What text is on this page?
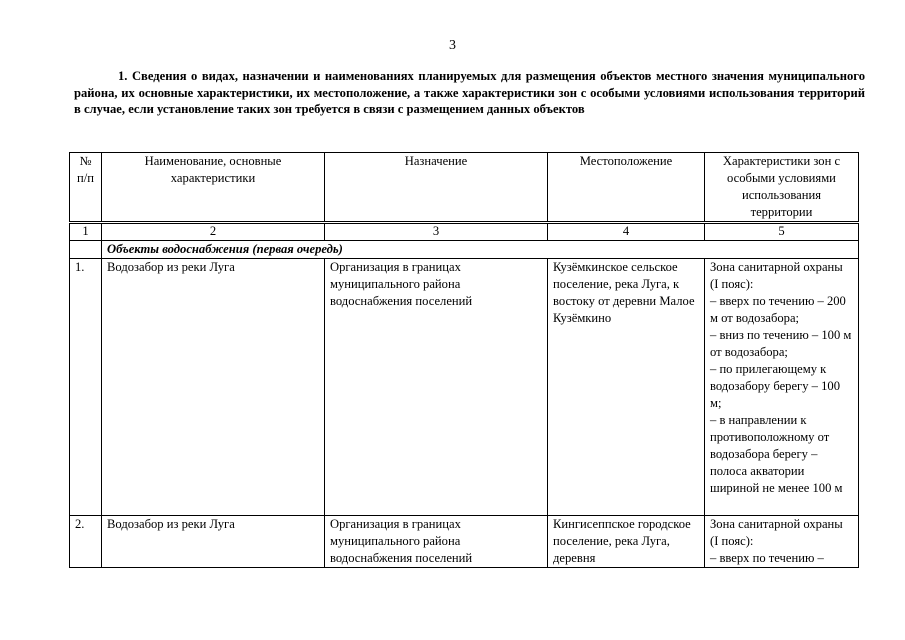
3
1. Сведения о видах, назначении и наименованиях планируемых для размещения объектов местного значения муниципального района, их основные характеристики, их местоположение, а также характеристики зон с особыми условиями использования территорий в случае, если установление таких зон требуется в связи с размещением данных объектов
№ п/п	Наименование, основные характеристики	Назначение	Местоположение	Характеристики зон с особыми условиями использования территории
1	2	3	4	5
	Объекты водоснабжения (первая очередь)			
1.	Водозабор из реки Луга	Организация в границах муниципального района водоснабжения поселений	Кузёмкинское сельское поселение, река Луга, к востоку от деревни Малое Кузёмкино	Зона санитарной охраны (I пояс):
– вверх по течению – 200 м от водозабора;
– вниз по течению – 100 м от водозабора;
– по прилегающему к водозабору берегу – 100 м;
– в направлении к противоположному от водозабора берегу – полоса акватории шириной не менее 100 м

2.	Водозабор из реки Луга	Организация в границах муниципального района водоснабжения поселений	Кингисеппское городское поселение, река Луга, деревня	Зона санитарной охраны (I пояс):
– вверх по течению –
